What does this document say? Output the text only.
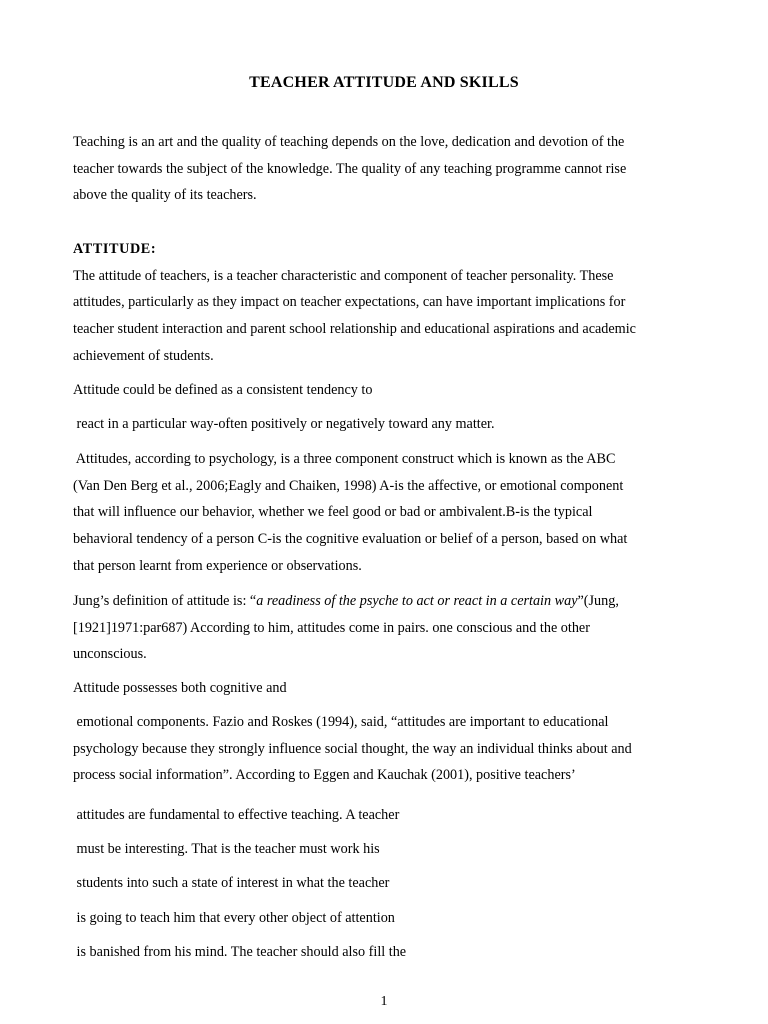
TEACHER ATTITUDE AND SKILLS
Teaching is an art and the quality of teaching depends on the love, dedication and devotion of the
teacher towards the subject of the knowledge. The quality of any teaching programme cannot rise
above the quality of its teachers.
ATTITUDE:
The attitude of teachers, is a teacher characteristic and component of teacher personality. These
attitudes, particularly as they impact on teacher expectations, can have important implications for
teacher student interaction and parent school relationship and educational aspirations and academic
achievement of students.
Attitude could be defined as a consistent tendency to
react in a particular way-often positively or negatively toward any matter.
Attitudes, according to psychology, is a three component construct which is known as the ABC
(Van Den Berg et al., 2006;Eagly and Chaiken, 1998) A-is the affective, or emotional component
that will influence our behavior, whether we feel good or bad or ambivalent.B-is the typical
behavioral tendency of a person C-is the cognitive evaluation or belief of a person, based on what
that person learnt from experience or observations.
Jung’s definition of attitude is: “a readiness of the psyche to act or react in a certain way”(Jung,
[1921]1971:par687) According to him, attitudes come in pairs. one conscious and the other
unconscious.
Attitude possesses both cognitive and
emotional components. Fazio and Roskes (1994), said, “attitudes are important to educational
psychology because they strongly influence social thought, the way an individual thinks about and
process social information”. According to Eggen and Kauchak (2001), positive teachers’
attitudes are fundamental to effective teaching. A teacher
must be interesting. That is the teacher must work his
students into such a state of interest in what the teacher
is going to teach him that every other object of attention
is banished from his mind. The teacher should also fill the
1
